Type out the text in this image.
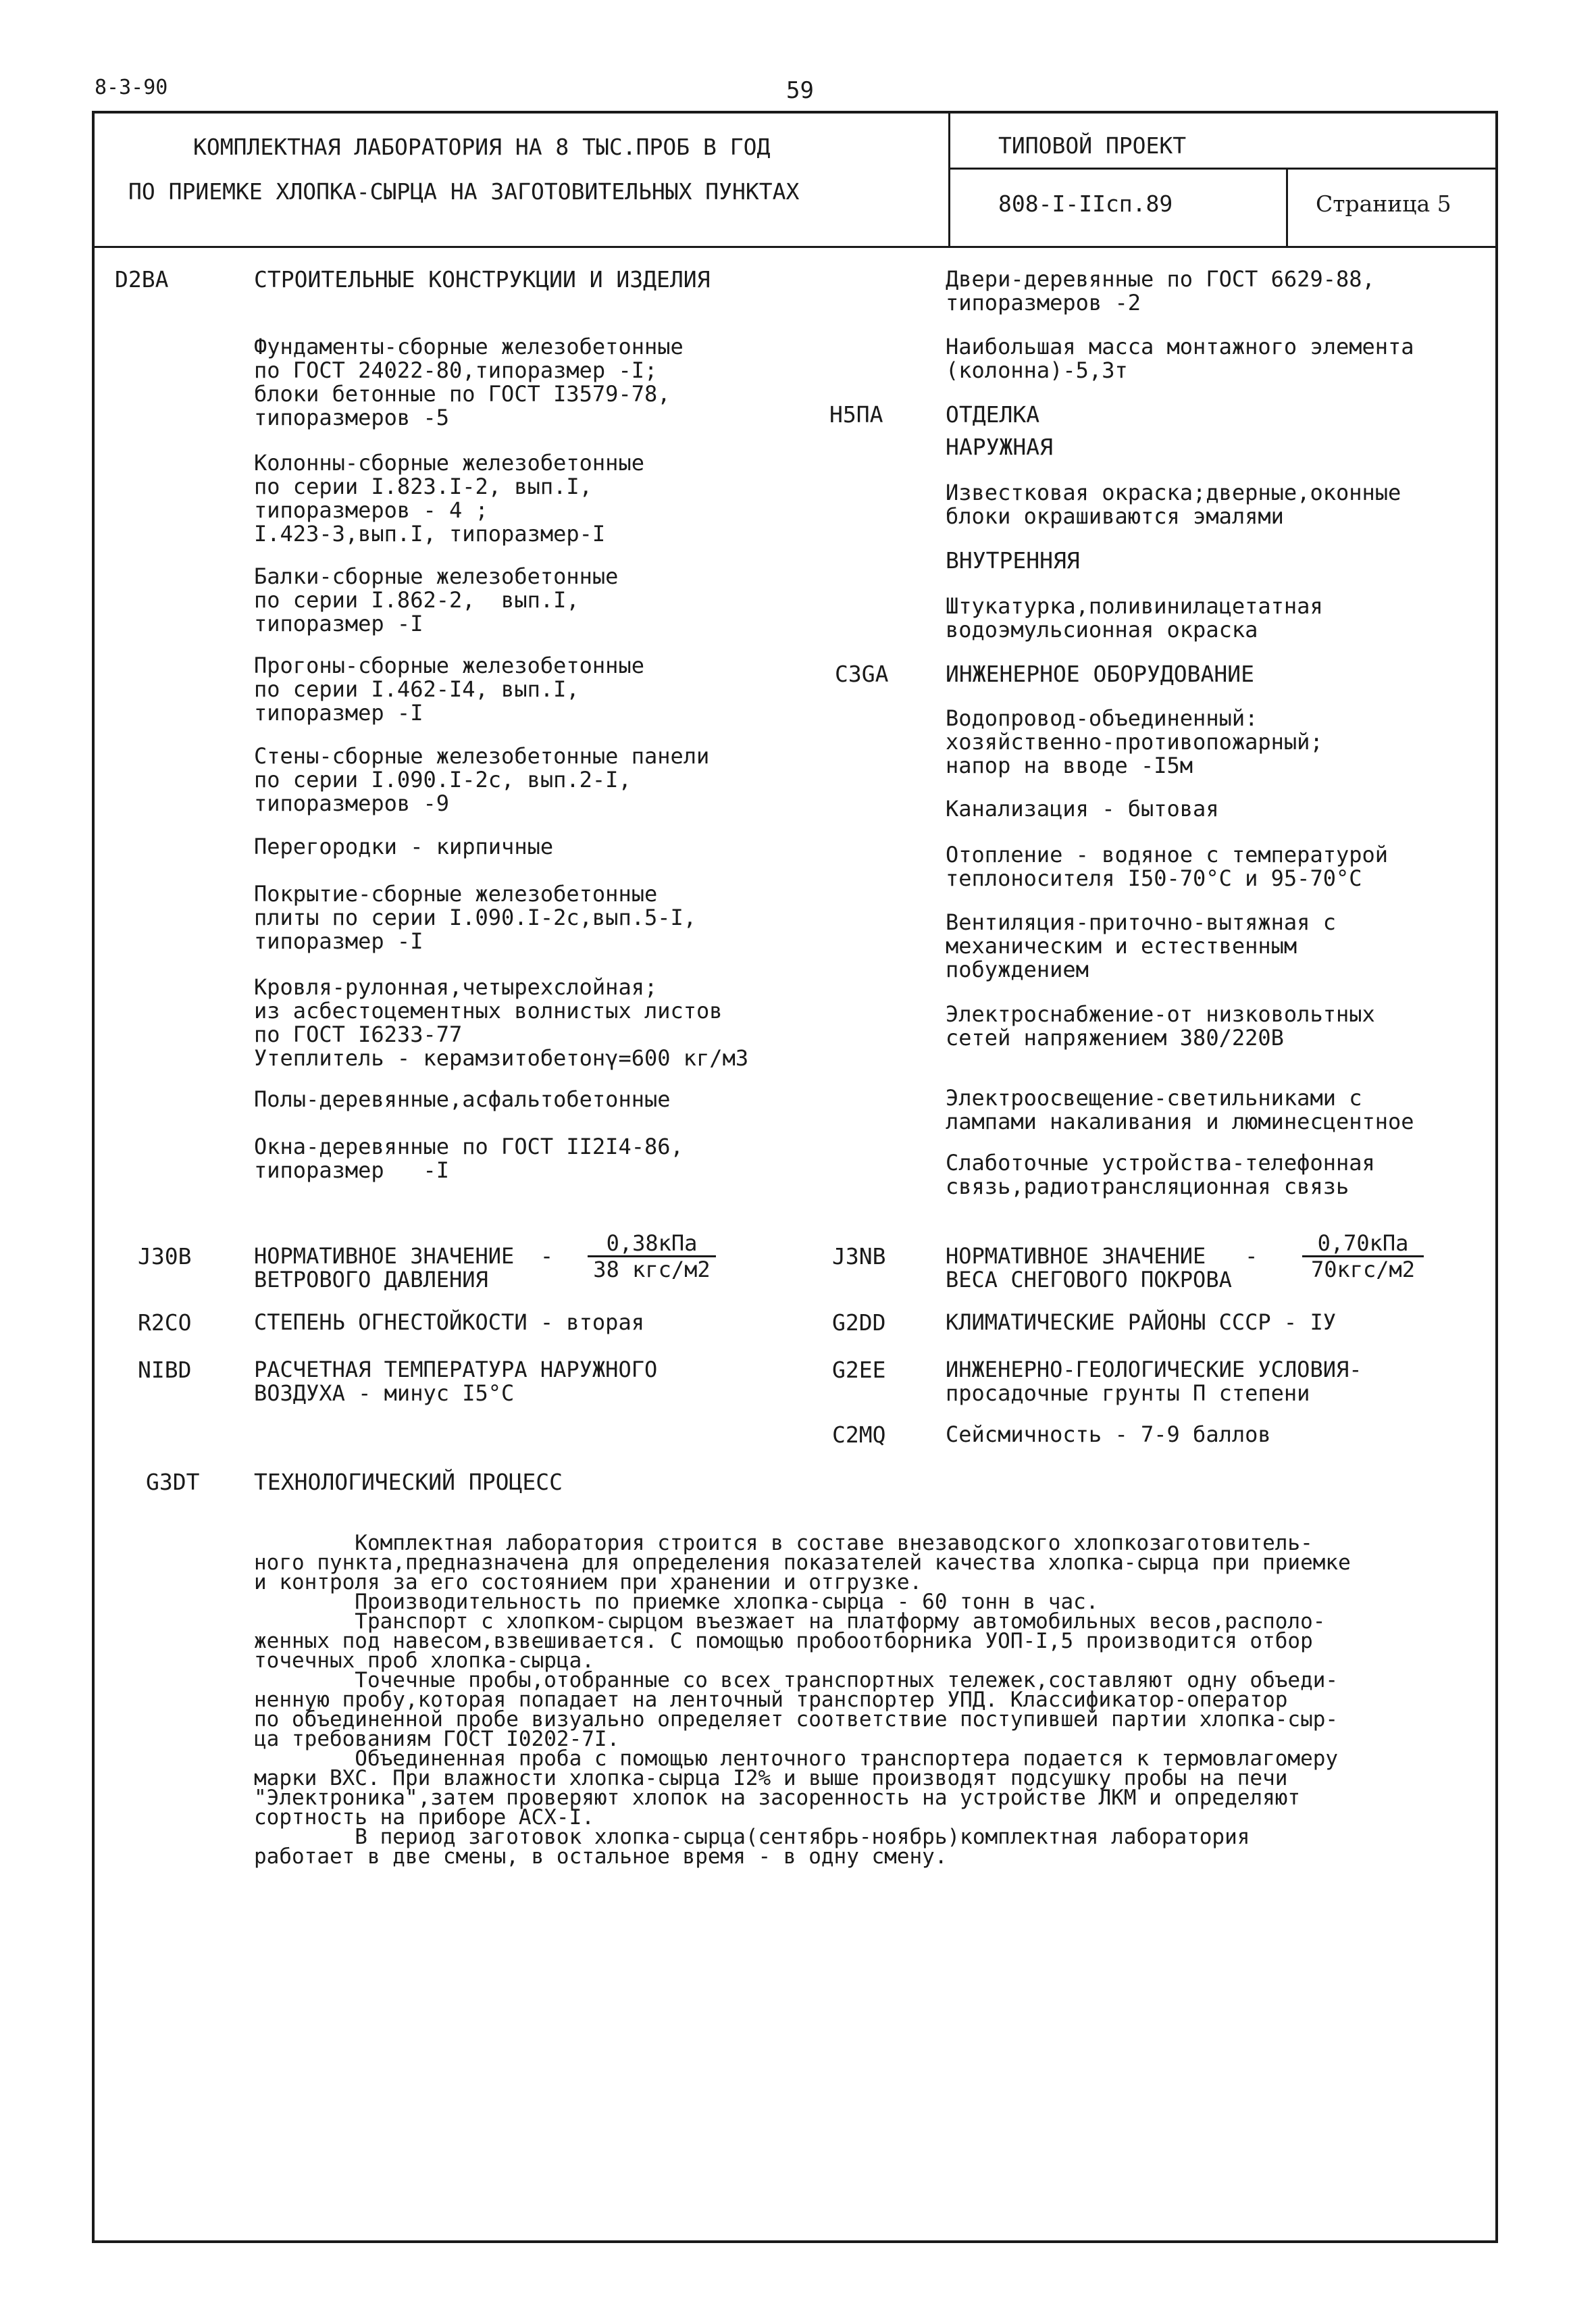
8-3-90	59
КОМПЛЕКТНАЯ ЛАБОРАТОРИЯ НА 8 ТЫС.ПРОБ В ГОД
ПО ПРИЕМКЕ ХЛОПКА-СЫРЦА НА ЗАГОТОВИТЕЛЬНЫХ ПУНКТАХ
ТИПОВОЙ ПРОЕКТ
808-I-IIсп.89	Страница 5
D2BA	СТРОИТЕЛЬНЫЕ КОНСТРУКЦИИ И ИЗДЕЛИЯ
Фундаменты-сборные железобетонные
по ГОСТ 24022-80,типоразмер -I;
блоки бетонные по ГОСТ I3579-78,
типоразмеров -5
Колонны-сборные железобетонные
по серии I.823.I-2, вып.I,
типоразмеров - 4 ;
I.423-3,вып.I, типоразмер-I
Балки-сборные железобетонные
по серии I.862-2,  вып.I,
типоразмер -I
Прогоны-сборные железобетонные
по серии I.462-I4, вып.I,
типоразмер -I
Стены-сборные железобетонные панели
по серии I.090.I-2с, вып.2-I,
типоразмеров -9
Перегородки - кирпичные
Покрытие-сборные железобетонные
плиты по серии I.090.I-2с,вып.5-I,
типоразмер -I
Кровля-рулонная,четырехслойная;
из асбестоцементных волнистых листов
по ГОСТ I6233-77
Утеплитель - керамзитобетонγ=600 кг/м3
Полы-деревянные,асфальтобетонные
Окна-деревянные по ГОСТ II2I4-86,
типоразмер   -I
Двери-деревянные по ГОСТ 6629-88,
типоразмеров -2
Наибольшая масса монтажного элемента
(колонна)-5,3т
H5ПА	ОТДЕЛКА
НАРУЖНАЯ
Известковая окраска;дверные,оконные
блоки окрашиваются эмалями
ВНУТРЕННЯЯ
Штукатурка,поливинилацетатная
водоэмульсионная окраска
C3GA	ИНЖЕНЕРНОЕ ОБОРУДОВАНИЕ
Водопровод-объединенный:
хозяйственно-противопожарный;
напор на вводе -I5м
Канализация - бытовая
Отопление - водяное с температурой
теплоносителя I50-70°С и 95-70°С
Вентиляция-приточно-вытяжная с
механическим и естественным
побуждением
Электроснабжение-от низковольтных
сетей напряжением 380/220В
Электроосвещение-светильниками с
лампами накаливания и люминесцентное
Слаботочные устройства-телефонная
связь,радиотрансляционная связь
J30B	НОРМАТИВНОЕ ЗНАЧЕНИЕ  -
ВЕТРОВОГО ДАВЛЕНИЯ
0,38кПа
38 кгс/м2
R2CO	СТЕПЕНЬ ОГНЕСТОЙКОСТИ - вторая
NIBD	РАСЧЕТНАЯ ТЕМПЕРАТУРА НАРУЖНОГО
ВОЗДУХА - минус I5°С
J3NB	НОРМАТИВНОЕ ЗНАЧЕНИЕ   -
ВЕСА СНЕГОВОГО ПОКРОВА
0,70кПа
70кгс/м2
G2DD	КЛИМАТИЧЕСКИЕ РАЙОНЫ СССР - IУ
G2EE	ИНЖЕНЕРНО-ГЕОЛОГИЧЕСКИЕ УСЛОВИЯ-
просадочные грунты П степени
C2MQ	Сейсмичность - 7-9 баллов
G3DT ТЕХНОЛОГИЧЕСКИЙ ПРОЦЕСС
Комплектная лаборатория строится в составе внезаводского хлопкозаготовитель-
ного пункта,предназначена для определения показателей качества хлопка-сырца при приемке
и контроля за его состоянием при хранении и отгрузке.
Производительность по приемке хлопка-сырца - 60 тонн в час.
Транспорт с хлопком-сырцом въезжает на платформу автомобильных весов,располо-
женных под навесом,взвешивается. С помощью пробоотборника УОП-I,5 производится отбор
точечных проб хлопка-сырца.
Точечные пробы,отобранные со всех транспортных тележек,составляют одну объеди-
ненную пробу,которая попадает на ленточный транспортер УПД. Классификатор-оператор
по объединенной пробе визуально определяет соответствие поступившей партии хлопка-сыр-
ца требованиям ГОСТ I0202-7I.
Объединенная проба с помощью ленточного транспортера подается к термовлагомеру
марки ВХС. При влажности хлопка-сырца I2% и выше производят подсушку пробы на печи
"Электроника",затем проверяют хлопок на засоренность на устройстве ЛКМ и определяют
сортность на приборе АСХ-I.
В период заготовок хлопка-сырца(сентябрь-ноябрь)комплектная лаборатория
работает в две смены, в остальное время - в одну смену.
